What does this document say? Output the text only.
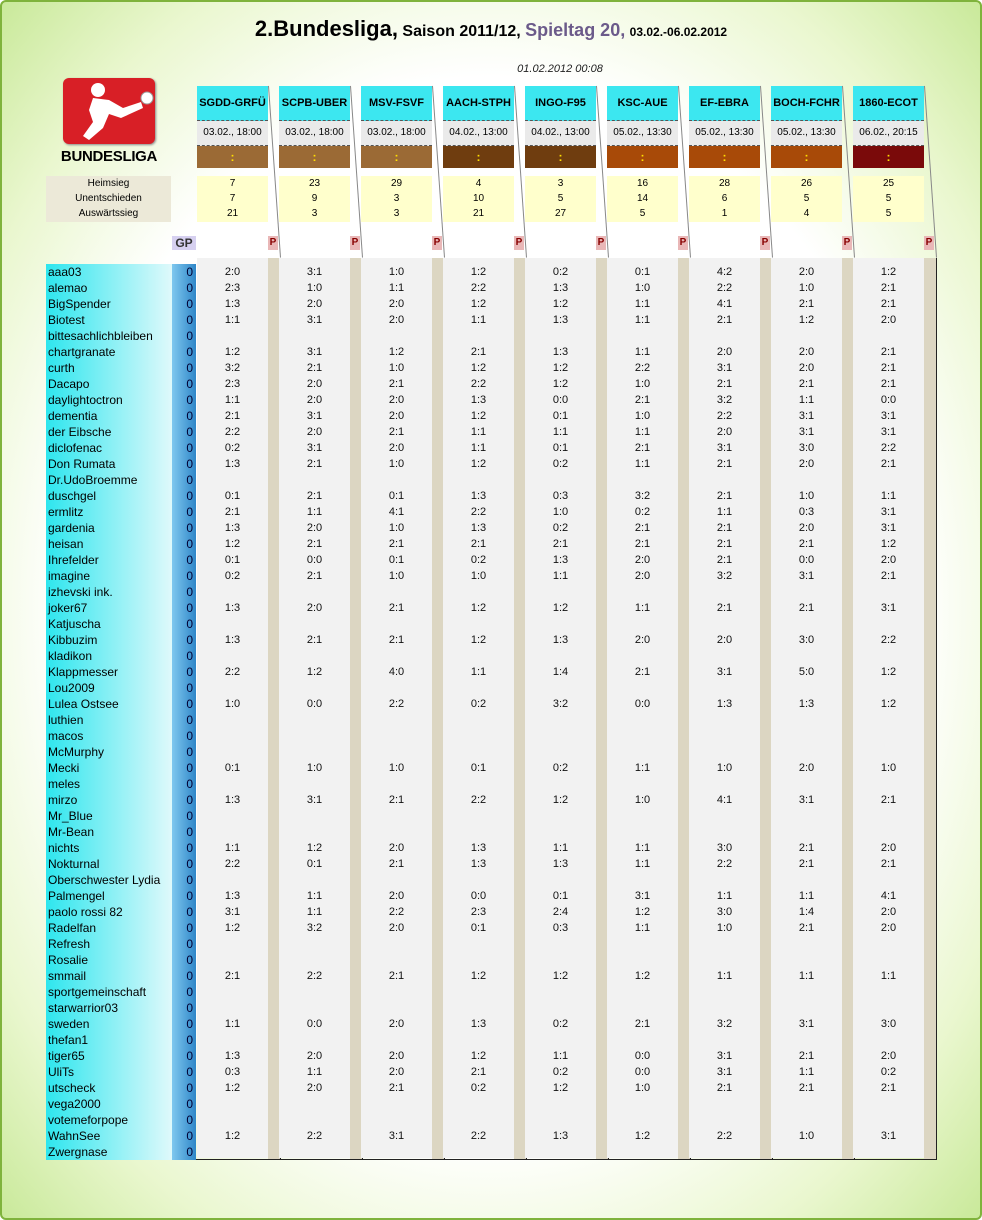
2.Bundesliga, Saison 2011/12, Spieltag 20, 03.02.-06.02.2012
01.02.2012 00:08
BUNDESLIGA
Heimsieg
Unentschieden
Auswärtssieg
GP	P
SGDD-GRFÜ
03.02., 18:00
:
7
7
21
2:0
2:3
1:3
1:1
1:2
3:2
2:3
1:1
2:1
2:2
0:2
1:3
0:1
2:1
1:3
1:2
0:1
0:2
1:3
1:3
2:2
1:0
0:1
1:3
1:1
2:2
1:3
3:1
1:2
2:1
1:1
1:3
0:3
1:2
1:2
P
SCPB-UBER
03.02., 18:00
:
23
9
3
3:1
1:0
2:0
3:1
3:1
2:1
2:0
2:0
3:1
2:0
3:1
2:1
2:1
1:1
2:0
2:1
0:0
2:1
2:0
2:1
1:2
0:0
1:0
3:1
1:2
0:1
1:1
1:1
3:2
2:2
0:0
2:0
1:1
2:0
2:2
P
MSV-FSVF
03.02., 18:00
:
29
3
3
1:0
1:1
2:0
2:0
1:2
1:0
2:1
2:0
2:0
2:1
2:0
1:0
0:1
4:1
1:0
2:1
0:1
1:0
2:1
2:1
4:0
2:2
1:0
2:1
2:0
2:1
2:0
2:2
2:0
2:1
2:0
2:0
2:0
2:1
3:1
P
AACH-STPH
04.02., 13:00
:
4
10
21
1:2
2:2
1:2
1:1
2:1
1:2
2:2
1:3
1:2
1:1
1:1
1:2
1:3
2:2
1:3
2:1
0:2
1:0
1:2
1:2
1:1
0:2
0:1
2:2
1:3
1:3
0:0
2:3
0:1
1:2
1:3
1:2
2:1
0:2
2:2
P
INGO-F95
04.02., 13:00
:
3
5
27
0:2
1:3
1:2
1:3
1:3
1:2
1:2
0:0
0:1
1:1
0:1
0:2
0:3
1:0
0:2
2:1
1:3
1:1
1:2
1:3
1:4
3:2
0:2
1:2
1:1
1:3
0:1
2:4
0:3
1:2
0:2
1:1
0:2
1:2
1:3
P
KSC-AUE
05.02., 13:30
:
16
14
5
0:1
1:0
1:1
1:1
1:1
2:2
1:0
2:1
1:0
1:1
2:1
1:1
3:2
0:2
2:1
2:1
2:0
2:0
1:1
2:0
2:1
0:0
1:1
1:0
1:1
1:1
3:1
1:2
1:1
1:2
2:1
0:0
0:0
1:0
1:2
P
EF-EBRA
05.02., 13:30
:
28
6
1
4:2
2:2
4:1
2:1
2:0
3:1
2:1
3:2
2:2
2:0
3:1
2:1
2:1
1:1
2:1
2:1
2:1
3:2
2:1
2:0
3:1
1:3
1:0
4:1
3:0
2:2
1:1
3:0
1:0
1:1
3:2
3:1
3:1
2:1
2:2
P
BOCH-FCHR
05.02., 13:30
:
26
5
4
2:0
1:0
2:1
1:2
2:0
2:0
2:1
1:1
3:1
3:1
3:0
2:0
1:0
0:3
2:0
2:1
0:0
3:1
2:1
3:0
5:0
1:3
2:0
3:1
2:1
2:1
1:1
1:4
2:1
1:1
3:1
2:1
1:1
2:1
1:0
P
1860-ECOT
06.02., 20:15
:
25
5
5
1:2
2:1
2:1
2:0
2:1
2:1
2:1
0:0
3:1
3:1
2:2
2:1
1:1
3:1
3:1
1:2
2:0
2:1
3:1
2:2
1:2
1:2
1:0
2:1
2:0
2:1
4:1
2:0
2:0
1:1
3:0
2:0
0:2
2:1
3:1
aaa03
alemao
BigSpender
Biotest
bittesachlichbleiben
chartgranate
curth
Dacapo
daylightoctron
dementia
der Eibsche
diclofenac
Don Rumata
Dr.UdoBroemme
duschgel
ermlitz
gardenia
heisan
Ihrefelder
imagine
izhevski ink.
joker67
Katjuscha
Kibbuzim
kladikon
Klappmesser
Lou2009
Lulea Ostsee
luthien
macos
McMurphy
Mecki
meles
mirzo
Mr_Blue
Mr-Bean
nichts
Nokturnal
Oberschwester Lydia
Palmengel
paolo rossi 82
Radelfan
Refresh
Rosalie
smmail
sportgemeinschaft
starwarrior03
sweden
thefan1
tiger65
UliTs
utscheck
vega2000
votemeforpope
WahnSee
Zwergnase
0
0
0
0
0
0
0
0
0
0
0
0
0
0
0
0
0
0
0
0
0
0
0
0
0
0
0
0
0
0
0
0
0
0
0
0
0
0
0
0
0
0
0
0
0
0
0
0
0
0
0
0
0
0
0
0
